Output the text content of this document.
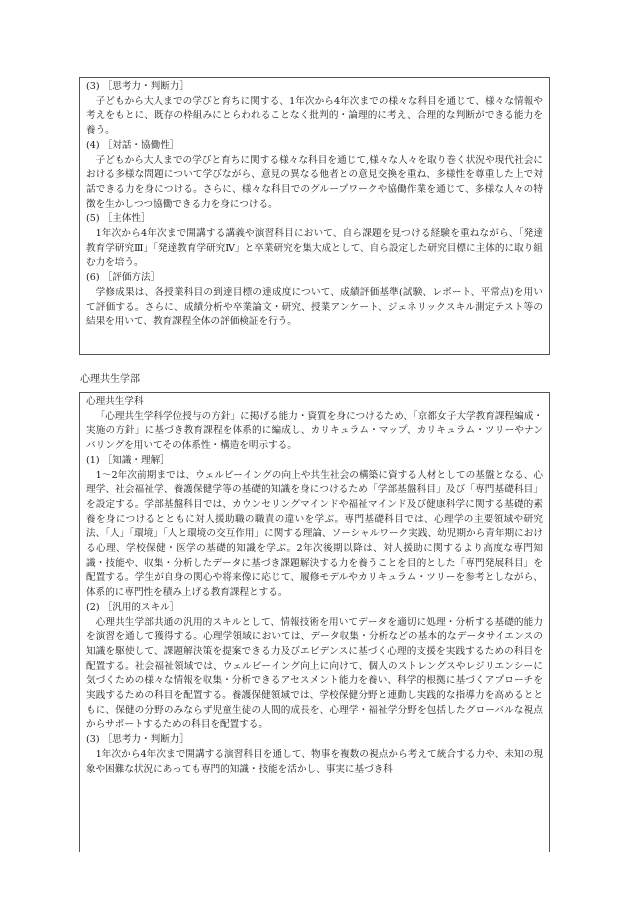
(3) ［思考力・判断力］

子どもから大人までの学びと育ちに関する、1年次から4年次までの様々な科目を通じて、様々な情報や考えをもとに、既存の枠組みにとらわれることなく批判的・論理的に考え、合理的な判断ができる能力を養う。

(4) ［対話・協働性］

子どもから大人までの学びと育ちに関する様々な科目を通じて,様々な人々を取り巻く状況や現代社会における多様な問題について学びながら、意見の異なる他者との意見交換を重ね、多様性を尊重した上で対話できる力を身につける。さらに、様々な科目でのグループワークや協働作業を通じて、多様な人々の特徴を生かしつつ協働できる力を身につける。

(5) ［主体性］

1年次から4年次まで開講する講義や演習科目において、自ら課題を見つける経験を重ねながら、「発達教育学研究Ⅲ」「発達教育学研究Ⅳ」と卒業研究を集大成として、自ら設定した研究目標に主体的に取り組む力を培う。

(6) ［評価方法］

学修成果は、各授業科目の到達目標の達成度について、成績評価基準(試験、レポート、平常点)を用いて評価する。さらに、成績分析や卒業論文・研究、授業アンケート、ジェネリックスキル測定テスト等の結果を用いて、教育課程全体の評価検証を行う。

心理共生学部

心理共生学科

「心理共生学科学位授与の方針」に掲げる能力・資質を身につけるため、「京都女子大学教育課程編成・実施の方針」に基づき教育課程を体系的に編成し、カリキュラム・マップ、カリキュラム・ツリーやナンバリングを用いてその体系性・構造を明示する。

(1) ［知識・理解］

1～2年次前期までは、ウェルビーイングの向上や共生社会の構築に資する人材としての基盤となる、心理学、社会福祉学、養護保健学等の基礎的知識を身につけるため「学部基盤科目」及び「専門基礎科目」を設定する。学部基盤科目では、カウンセリングマインドや福祉マインド及び健康科学に関する基礎的素養を身につけるとともに対人援助職の職責の違いを学ぶ。専門基礎科目では、心理学の主要領域や研究法、「人」「環境」「人と環境の交互作用」に関する理論、ソーシャルワーク実践、幼児期から青年期における心理、学校保健・医学の基礎的知識を学ぶ。2年次後期以降は、対人援助に関するより高度な専門知識・技能や、収集・分析したデータに基づき課題解決する力を養うことを目的とした「専門発展科目」を配置する。学生が自身の関心や将来像に応じて、履修モデルやカリキュラム・ツリーを参考としながら、体系的に専門性を積み上げる教育課程とする。

(2) ［汎用的スキル］

心理共生学部共通の汎用的スキルとして、情報技術を用いてデータを適切に処理・分析する基礎的能力を演習を通して獲得する。心理学領域においては、データ収集・分析などの基本的なデータサイエンスの知識を駆使して、課題解決策を提案できる力及びエビデンスに基づく心理的支援を実践するための科目を配置する。社会福祉領域では、ウェルビーイング向上に向けて、個人のストレングスやレジリエンシーに気づくための様々な情報を収集・分析できるアセスメント能力を養い、科学的根拠に基づくアプローチを実践するための科目を配置する。養護保健領域では、学校保健分野と連動し実践的な指導力を高めるとともに、保健の分野のみならず児童生徒の人間的成長を、心理学・福祉学分野を包括したグローバルな視点からサポートするための科目を配置する。

(3) ［思考力・判断力］

1年次から4年次まで開講する演習科目を通して、物事を複数の視点から考えて統合する力や、未知の現象や困難な状況にあっても専門的知識・技能を活かし、事実に基づき科
